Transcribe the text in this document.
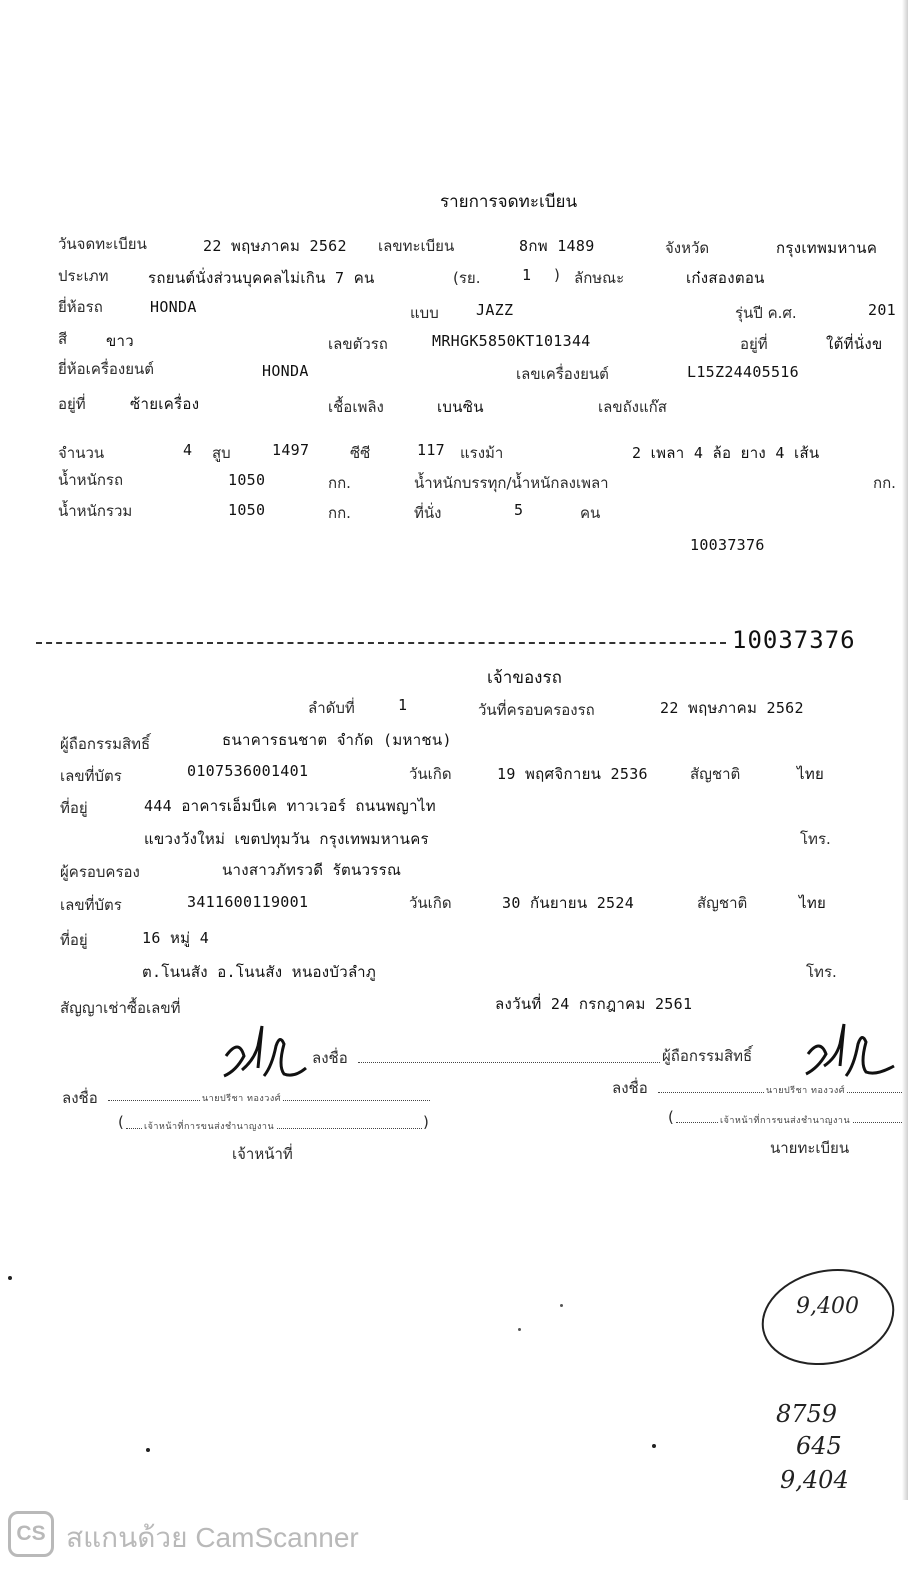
รายการจดทะเบียน
วันจดทะเบียน	22 พฤษภาคม 2562 เลขทะเบียน	8กพ 1489	จังหวัด	กรุงเทพมหานค
ประเภท	รถยนต์นั่งส่วนบุคคลไม่เกิน 7 คน	(รย.	1 ) ลักษณะ	เก๋งสองตอน
ยี่ห้อรถ	HONDA	แบบ JAZZ	รุ่นปี ค.ศ.	201
สี	ขาว	เลขตัวรถ	MRHGK5850KT101344	อยู่ที่	ใต้ที่นั่งข
ยี่ห้อเครื่องยนต์	HONDA	เลขเครื่องยนต์	L15Z24405516
อยู่ที่	ซ้ายเครื่อง	เชื้อเพลิง	เบนซิน	เลขถังแก๊ส
จำนวน	4 สูบ	1497	ซีซี	117 แรงม้า	2 เพลา 4 ล้อ ยาง 4 เส้น
น้ำหนักรถ	1050	กก.	น้ำหนักบรรทุก/น้ำหนักลงเพลา	กก.
น้ำหนักรวม	1050	กก.	ที่นั่ง	5	คน
10037376
10037376
เจ้าของรถ
ลำดับที่	1	วันที่ครอบครองรถ	22 พฤษภาคม 2562
ผู้ถือกรรมสิทธิ์	ธนาคารธนชาต จำกัด (มหาชน)
เลขที่บัตร	0107536001401	วันเกิด	19 พฤศจิกายน 2536	สัญชาติ	ไทย
ที่อยู่	444 อาคารเอ็มบีเค ทาวเวอร์ ถนนพญาไท
แขวงวังใหม่ เขตปทุมวัน กรุงเทพมหานคร	โทร.
ผู้ครอบครอง	นางสาวภัทรวดี รัตนวรรณ
เลขที่บัตร	3411600119001	วันเกิด	30 กันยายน 2524	สัญชาติ	ไทย
ที่อยู่	16 หมู่ 4
ต.โนนสัง อ.โนนสัง หนองบัวลำภู	โทร.
สัญญาเช่าซื้อเลขที่	ลงวันที่ 24 กรกฎาคม 2561
ลงชื่อ	ผู้ถือกรรมสิทธิ์
ลงชื่อ	นายปรีชา ทองวงศ์
( เจ้าหน้าที่การขนส่งชำนาญงาน	)
เจ้าหน้าที่
ลงชื่อ	นายปรีชา ทองวงศ์
(	เจ้าหน้าที่การขนส่งชำนาญงาน
นายทะเบียน
9,400
8759
645
9,404
CS สแกนด้วย CamScanner
